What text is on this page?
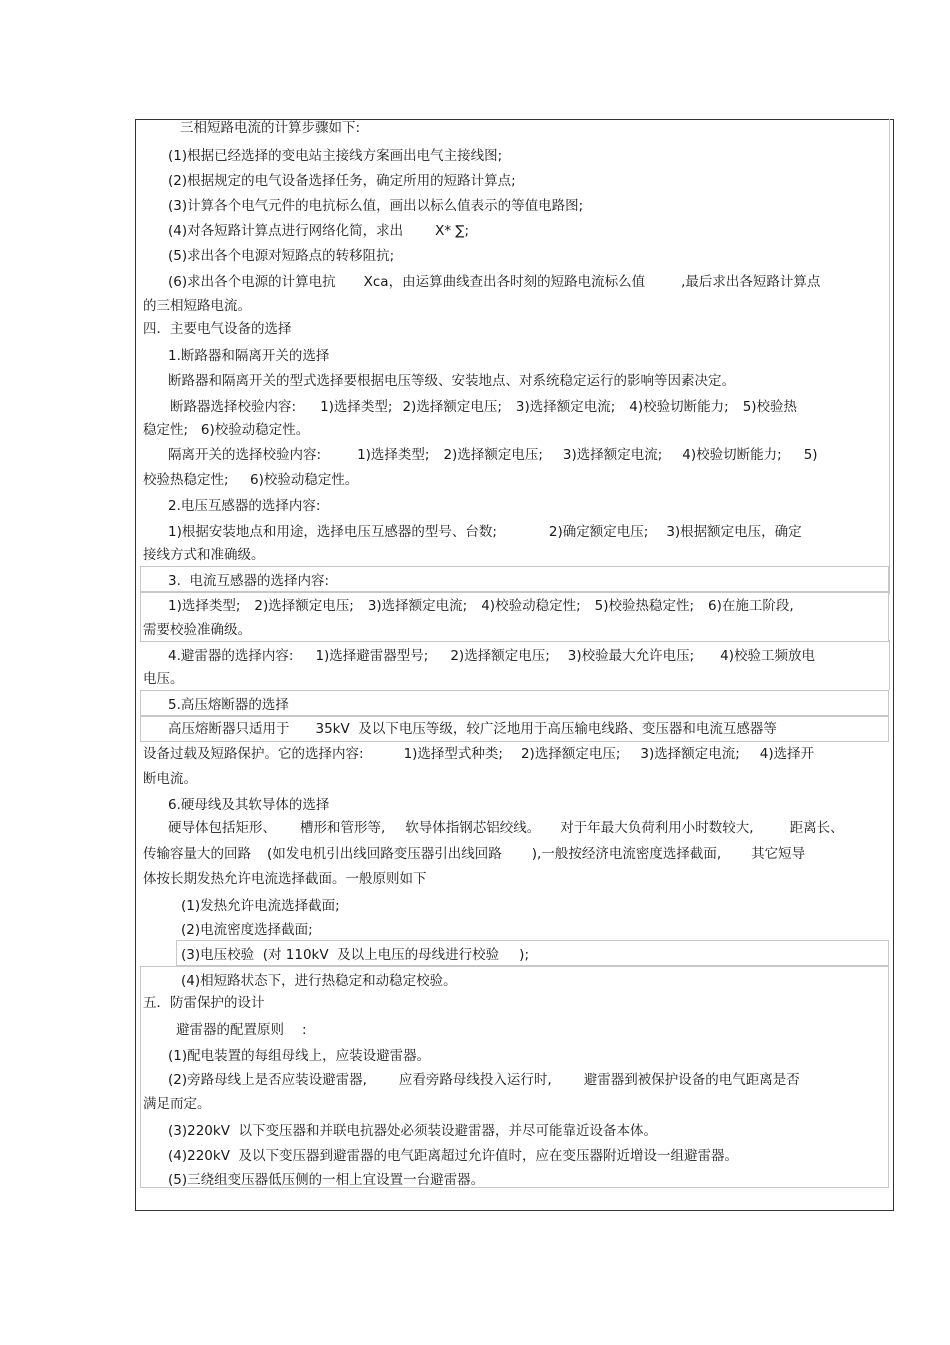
三相短路电流的计算步骤如下:
(1)根据已经选择的变电站主接线方案画出电气主接线图;
(2)根据规定的电气设备选择任务，确定所用的短路计算点;
(3)计算各个电气元件的电抗标么值，画出以标么值表示的等值电路图;
(4)对各短路计算点进行网络化简，求出 X* ∑;
(5)求出各个电源对短路点的转移阻抗;
(6)求出各个电源的计算电抗 Xca，由运算曲线查出各时刻的短路电流标么值	,最后求出各短路计算点
的三相短路电流。
四．主要电气设备的选择
1.断路器和隔离开关的选择
断路器和隔离开关的型式选择要根据电压等级、安装地点、对系统稳定运行的影响等因素决定。
断路器选择校验内容: 1)选择类型; 2)选择额定电压; 3)选择额定电流; 4)校验切断能力; 5)校验热
稳定性;   6)校验动稳定性。
隔离开关的选择校验内容:	1)选择类型; 2)选择额定电压; 3)选择额定电流; 4)校验切断能力; 5)
校验热稳定性;     6)校验动稳定性。
2.电压互感器的选择内容:
1)根据安装地点和用途，选择电压互感器的型号、台数;	2)确定额定电压; 3)根据额定电压，确定
接线方式和准确级。
3.  电流互感器的选择内容:
1)选择类型; 2)选择额定电压; 3)选择额定电流; 4)校验动稳定性; 5)校验热稳定性; 6)在施工阶段,
需要校验准确级。
4.避雷器的选择内容: 1)选择避雷器型号; 2)选择额定电压; 3)校验最大允许电压; 4)校验工频放电
电压。
5.高压熔断器的选择
高压熔断器只适用于 35kV  及以下电压等级，较广泛地用于高压输电线路、变压器和电流互感器等
设备过载及短路保护。它的选择内容:	1)选择型式种类; 2)选择额定电压; 3)选择额定电流; 4)选择开
断电流。
6.硬母线及其软导体的选择
硬导体包括矩形、 槽形和管形等, 软导体指钢芯铝绞线。 对于年最大负荷利用小时数较大,	距离长、
传输容量大的回路 (如发电机引出线回路变压器引出线回路 ),一般按经济电流密度选择截面, 其它短导
体按长期发热允许电流选择截面。一般原则如下
(1)发热允许电流选择截面;
(2)电流密度选择截面;
(3)电压校验  (对 110kV  及以上电压的母线进行校验 );
(4)相短路状态下，进行热稳定和动稳定校验。
五．防雷保护的设计
避雷器的配置原则 :
(1)配电装置的每组母线上，应装设避雷器。
(2)旁路母线上是否应装设避雷器, 应看旁路母线投入运行时, 避雷器到被保护设备的电气距离是否
满足而定。
(3)220kV  以下变压器和并联电抗器处必须装设避雷器，并尽可能靠近设备本体。
(4)220kV  及以下变压器到避雷器的电气距离超过允许值时，应在变压器附近增设一组避雷器。
(5)三绕组变压器低压侧的一相上宜设置一台避雷器。
